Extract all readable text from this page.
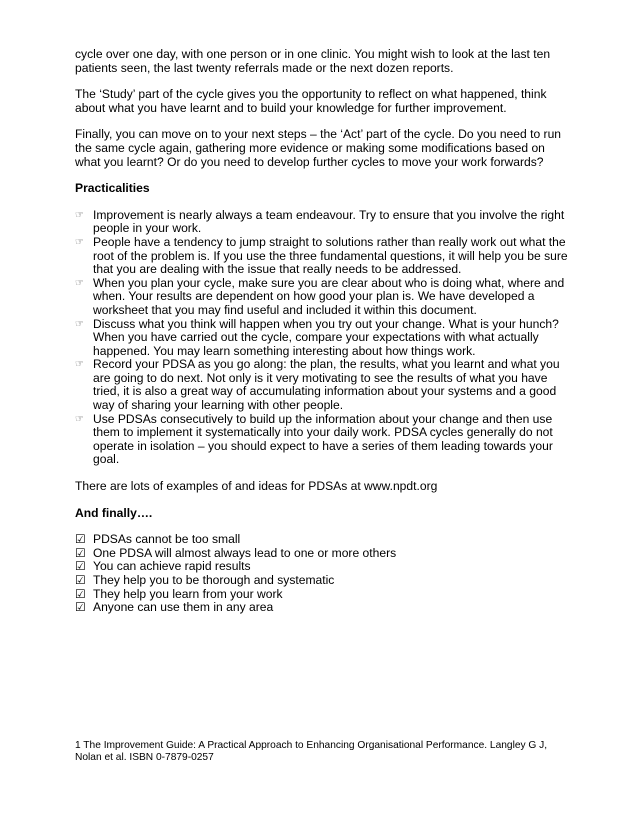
cycle over one day, with one person or in one clinic. You might wish to look at the last ten patients seen, the last twenty referrals made or the next dozen reports.

The ‘Study’ part of the cycle gives you the opportunity to reflect on what happened, think about what you have learnt and to build your knowledge for further improvement.

Finally, you can move on to your next steps – the ‘Act’ part of the cycle. Do you need to run the same cycle again, gathering more evidence or making some modifications based on what you learnt? Or do you need to develop further cycles to move your work forwards?

Practicalities
☞ Improvement is nearly always a team endeavour. Try to ensure that you involve the right people in your work.
☞ People have a tendency to jump straight to solutions rather than really work out what the root of the problem is. If you use the three fundamental questions, it will help you be sure that you are dealing with the issue that really needs to be addressed.
☞ When you plan your cycle, make sure you are clear about who is doing what, where and when. Your results are dependent on how good your plan is. We have developed a worksheet that you may find useful and included it within this document.
☞ Discuss what you think will happen when you try out your change. What is your hunch? When you have carried out the cycle, compare your expectations with what actually happened. You may learn something interesting about how things work.
☞ Record your PDSA as you go along: the plan, the results, what you learnt and what you are going to do next. Not only is it very motivating to see the results of what you have tried, it is also a great way of accumulating information about your systems and a good way of sharing your learning with other people.
☞ Use PDSAs consecutively to build up the information about your change and then use them to implement it systematically into your daily work. PDSA cycles generally do not operate in isolation – you should expect to have a series of them leading towards your goal.

There are lots of examples of and ideas for PDSAs at www.npdt.org

And finally….
☑ PDSAs cannot be too small
☑ One PDSA will almost always lead to one or more others
☑ You can achieve rapid results
☑ They help you to be thorough and systematic
☑ They help you learn from your work
☑ Anyone can use them in any area
1 The Improvement Guide: A Practical Approach to Enhancing Organisational Performance. Langley G J, Nolan et al. ISBN 0-7879-0257
